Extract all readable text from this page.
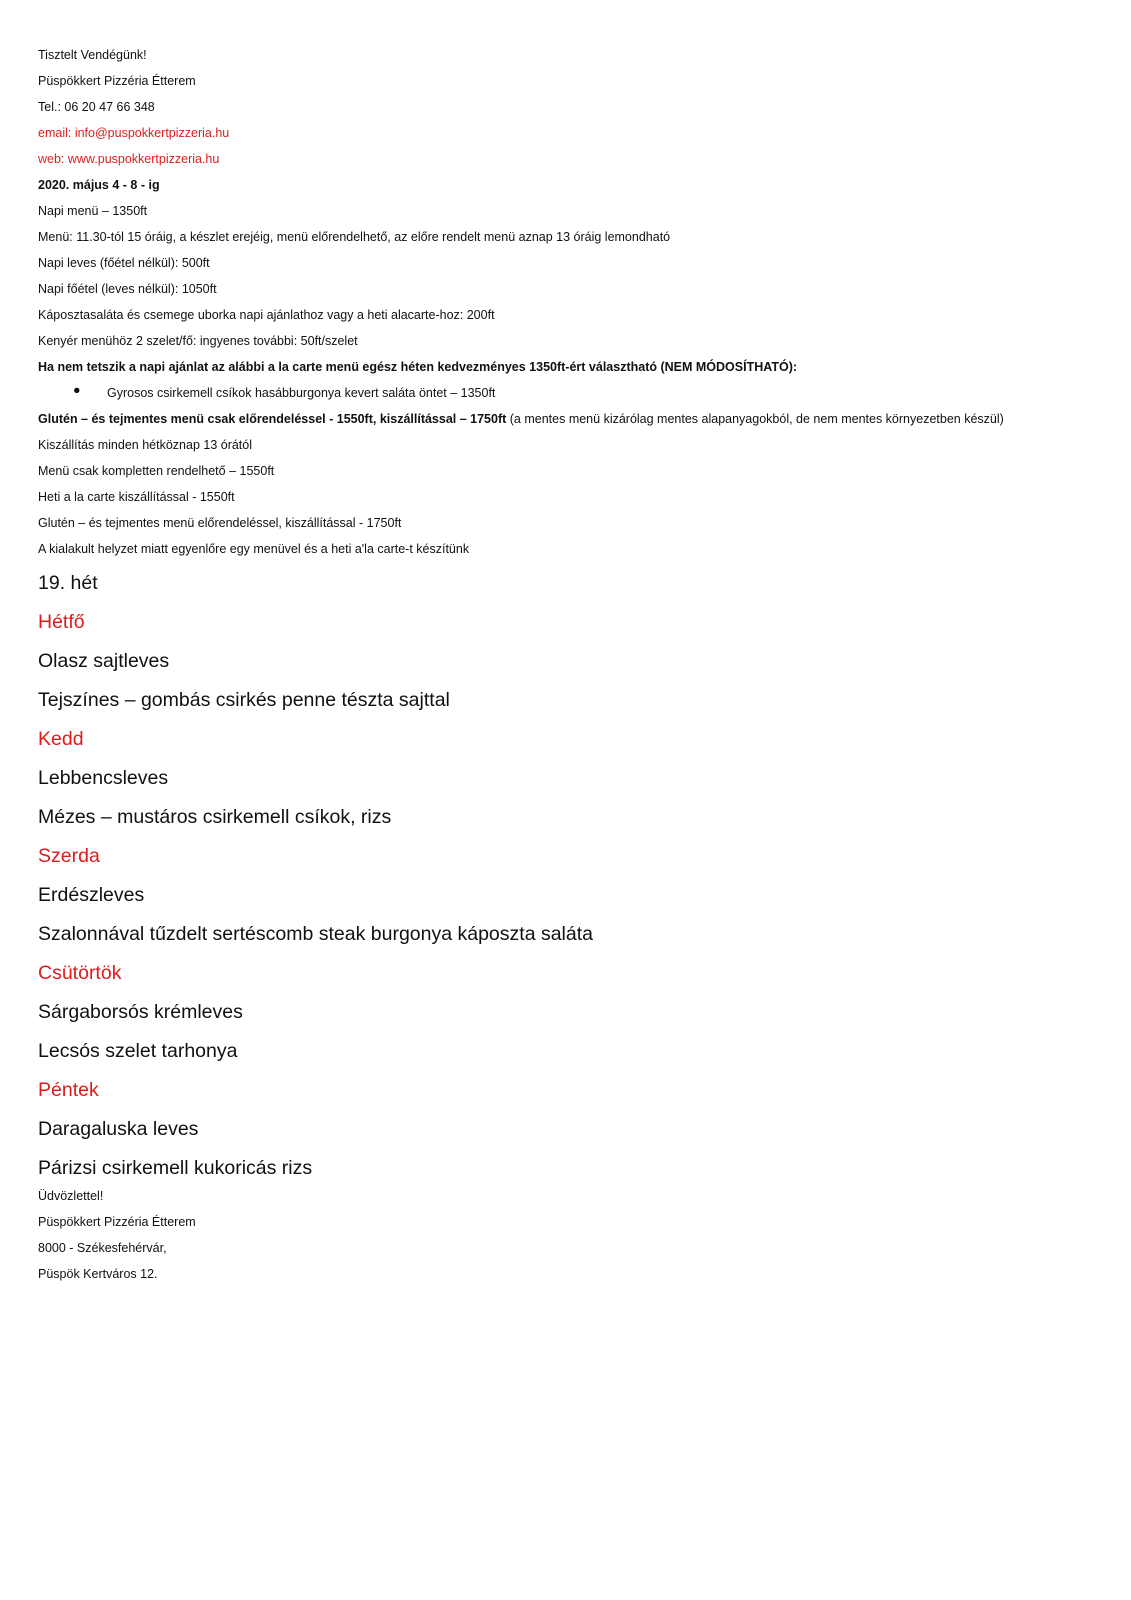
Tisztelt Vendégünk!

Püspökkert Pizzéria Étterem

Tel.: 06 20 47 66 348

email: info@puspokkertpizzeria.hu

web: www.puspokkertpizzeria.hu

2020. május 4 - 8 - ig

Napi menü – 1350ft

Menü: 11.30-tól 15 óráig, a készlet erejéig, menü előrendelhető, az előre rendelt menü aznap 13 óráig lemondható

Napi leves (főétel nélkül): 500ft

Napi főétel (leves nélkül): 1050ft

Káposztasaláta és csemege uborka napi ajánlathoz vagy a heti alacarte-hoz: 200ft

Kenyér menühöz 2 szelet/fő: ingyenes további: 50ft/szelet

Ha nem tetszik a napi ajánlat az alábbi a la carte menü egész héten kedvezményes 1350ft-ért választható (NEM MÓDOSÍTHATÓ):

● Gyrosos csirkemell csíkok hasábburgonya kevert saláta öntet – 1350ft

Glutén – és tejmentes menü csak előrendeléssel - 1550ft, kiszállítással – 1750ft (a mentes menü kizárólag mentes alapanyagokból, de nem mentes környezetben készül)

Kiszállítás minden hétköznap 13 órától

Menü csak kompletten rendelhető – 1550ft

Heti a la carte kiszállítással - 1550ft

Glutén – és tejmentes menü előrendeléssel, kiszállítással - 1750ft

A kialakult helyzet miatt egyenlőre egy menüvel és a heti a'la carte-t készítünk

19. hét

Hétfő

Olasz sajtleves

Tejszínes – gombás csirkés penne tészta sajttal

Kedd

Lebbencsleves

Mézes – mustáros csirkemell csíkok, rizs

Szerda

Erdészleves

Szalonnával tűzdelt sertéscomb steak burgonya káposzta saláta

Csütörtök

Sárgaborsós krémleves

Lecsós szelet tarhonya

Péntek

Daragaluska leves

Párizsi csirkemell kukoricás rizs

Üdvözlettel!

Püspökkert Pizzéria Étterem

8000 - Székesfehérvár,

Püspök Kertváros 12.
